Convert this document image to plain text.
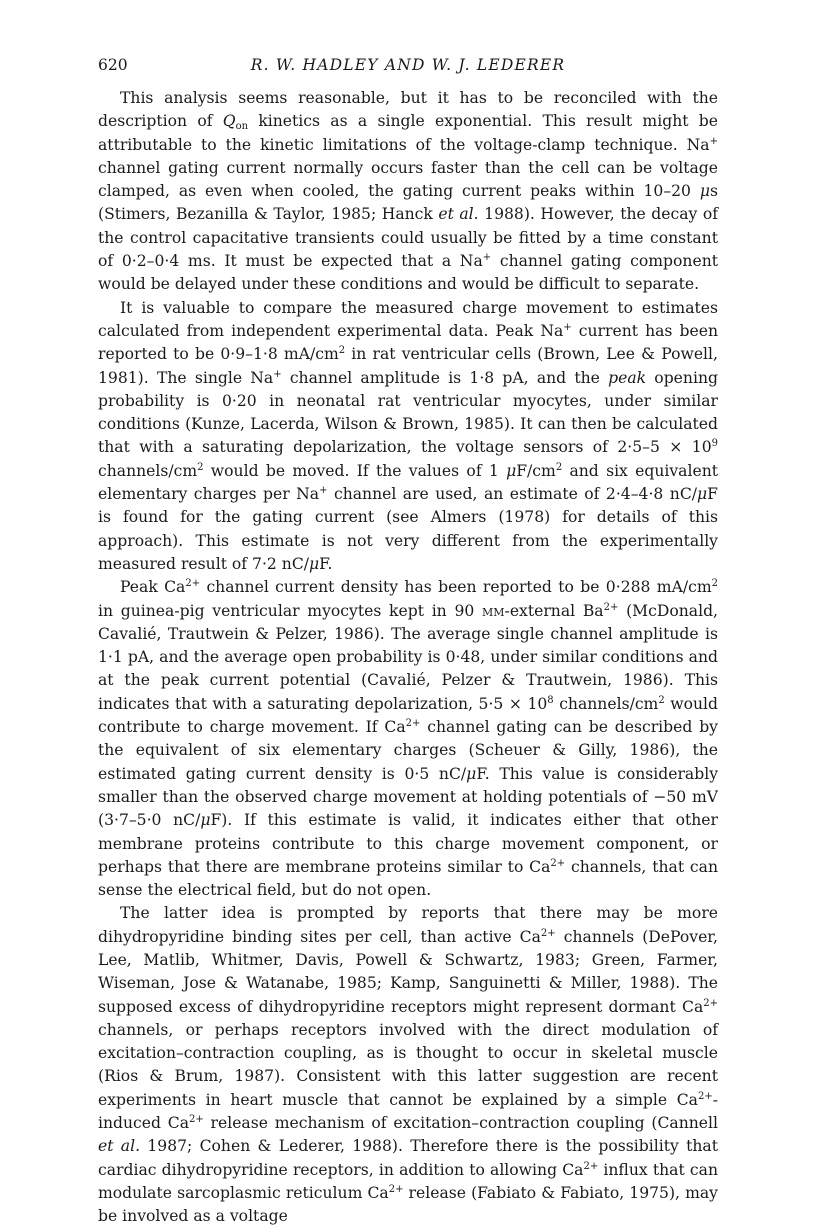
620	R. W. HADLEY AND W. J. LEDERER

This analysis seems reasonable, but it has to be reconciled with the description of $Q_{on}$ kinetics as a single exponential. This result might be attributable to the kinetic limitations of the voltage-clamp technique. Na+ channel gating current normally occurs faster than the cell can be voltage clamped, as even when cooled, the gating current peaks within 10–20 μs (Stimers, Bezanilla & Taylor, 1985; Hanck et al. 1988). However, the decay of the control capacitative transients could usually be fitted by a time constant of 0·2–0·4 ms. It must be expected that a Na+ channel gating component would be delayed under these conditions and would be difficult to separate.

It is valuable to compare the measured charge movement to estimates calculated from independent experimental data. Peak Na+ current has been reported to be 0·9–1·8 $mA/cm^2$ in rat ventricular cells (Brown, Lee & Powell, 1981). The single Na+ channel amplitude is 1·8 pA, and the peak opening probability is 0·20 in neonatal rat ventricular myocytes, under similar conditions (Kunze, Lacerda, Wilson & Brown, 1985). It can then be calculated that with a saturating depolarization, the voltage sensors of $2\cdot 5-5 \times 10^9$ channels/$cm^2$ would be moved. If the values of 1 $\mu F/cm^2$ and six equivalent elementary charges per Na+ channel are used, an estimate of 2·4–4·8 nC/μF is found for the gating current (see Almers (1978) for details of this approach). This estimate is not very different from the experimentally measured result of 7·2 nC/μF.

Peak $Ca^{2+}$ channel current density has been reported to be 0·288 $mA/cm^2$ in guinea-pig ventricular myocytes kept in 90 mm-external $Ba^{2+}$ (McDonald, Cavalié, Trautwein & Pelzer, 1986). The average single channel amplitude is 1·1 pA, and the average open probability is 0·48, under similar conditions and at the peak current potential (Cavalié, Pelzer & Trautwein, 1986). This indicates that with a saturating depolarization, $5\cdot 5 \times 10^8$ channels/$cm^2$ would contribute to charge movement. If $Ca^{2+}$ channel gating can be described by the equivalent of six elementary charges (Scheuer & Gilly, 1986), the estimated gating current density is 0·5 nC/μF. This value is considerably smaller than the observed charge movement at holding potentials of −50 mV (3·7–5·0 nC/μF). If this estimate is valid, it indicates either that other membrane proteins contribute to this charge movement component, or perhaps that there are membrane proteins similar to $Ca^{2+}$ channels, that can sense the electrical field, but do not open.

The latter idea is prompted by reports that there may be more dihydropyridine binding sites per cell, than active $Ca^{2+}$ channels (DePover, Lee, Matlib, Whitmer, Davis, Powell & Schwartz, 1983; Green, Farmer, Wiseman, Jose & Watanabe, 1985; Kamp, Sanguinetti & Miller, 1988). The supposed excess of dihydropyridine receptors might represent dormant $Ca^{2+}$ channels, or perhaps receptors involved with the direct modulation of excitation–contraction coupling, as is thought to occur in skeletal muscle (Rios & Brum, 1987). Consistent with this latter suggestion are recent experiments in heart muscle that cannot be explained by a simple $Ca^{2+}$-induced $Ca^{2+}$ release mechanism of excitation–contraction coupling (Cannell et al. 1987; Cohen & Lederer, 1988). Therefore there is the possibility that cardiac dihydropyridine receptors, in addition to allowing $Ca^{2+}$ influx that can modulate sarcoplasmic reticulum $Ca^{2+}$ release (Fabiato & Fabiato, 1975), may be involved as a voltage
